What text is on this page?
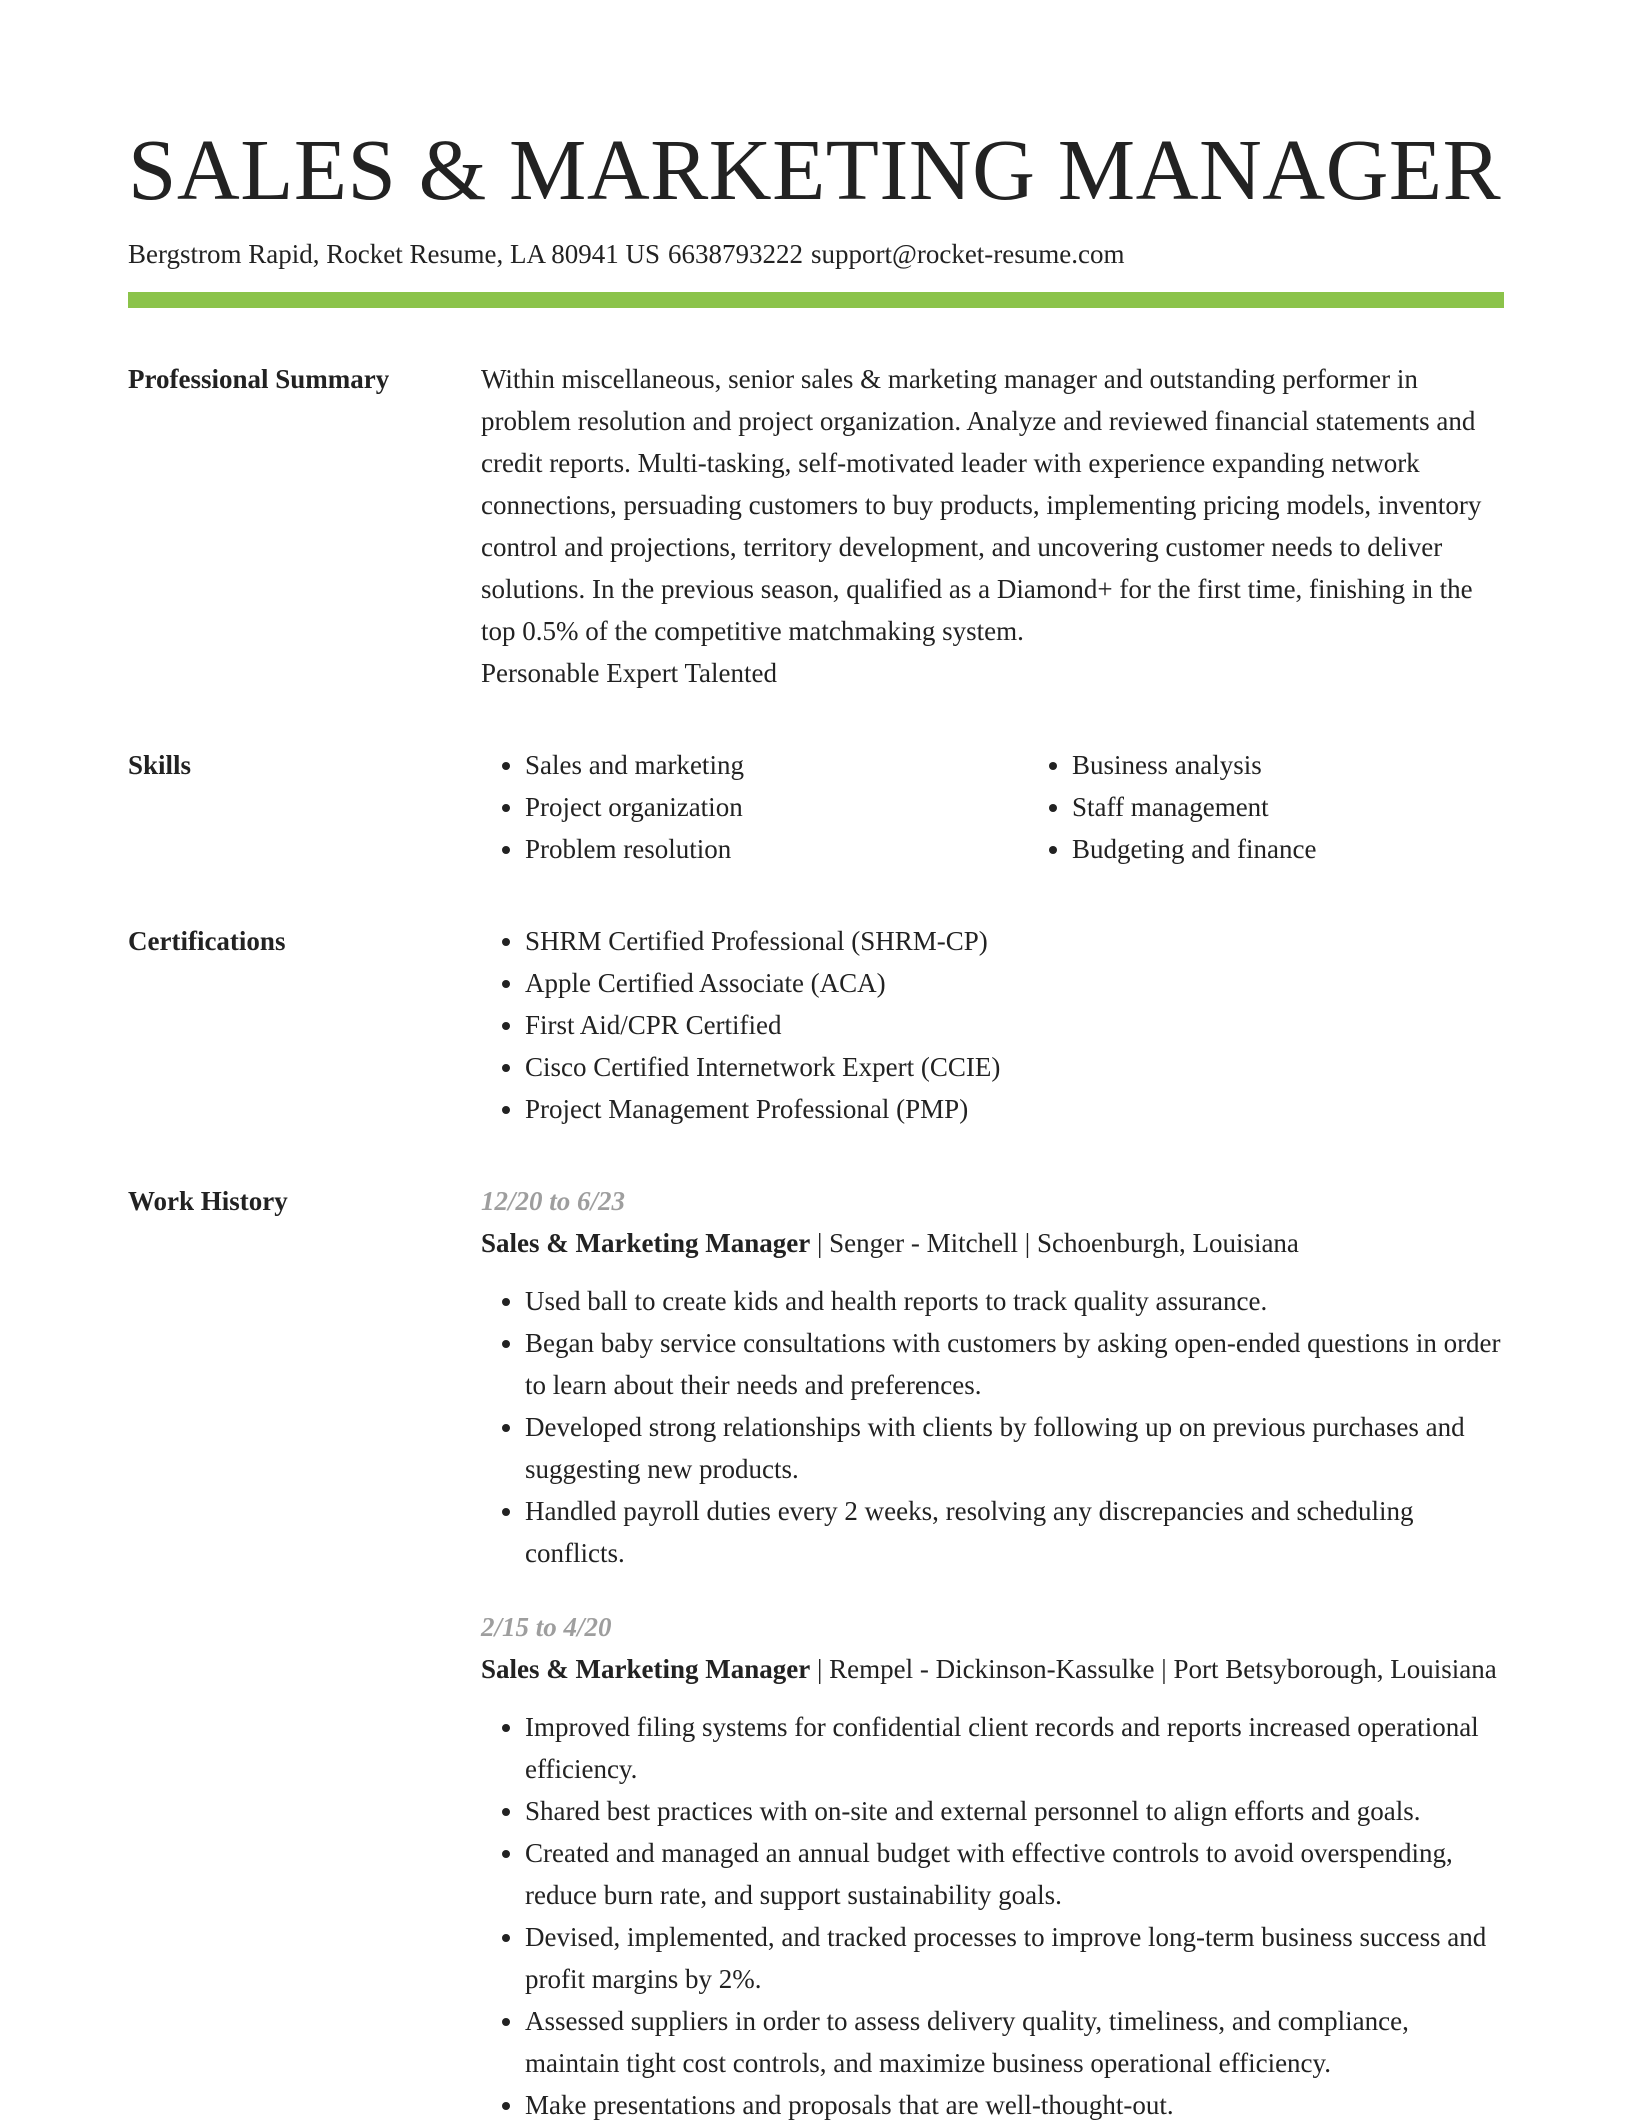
SALES & MARKETING MANAGER
Bergstrom Rapid, Rocket Resume, LA 80941 US 6638793222 support@rocket-resume.com
Professional Summary	Within miscellaneous, senior sales & marketing manager and outstanding performer in problem resolution and project organization. Analyze and reviewed financial statements and credit reports. Multi-tasking, self-motivated leader with experience expanding network connections, persuading customers to buy products, implementing pricing models, inventory control and projections, territory development, and uncovering customer needs to deliver solutions. In the previous season, qualified as a Diamond+ for the first time, finishing in the top 0.5% of the competitive matchmaking system.

Personable Expert Talented

Skills	• Sales and marketing
• Project organization
• Problem resolution
• Business analysis
• Staff management
• Budgeting and finance
Certifications	• SHRM Certified Professional (SHRM-CP)
• Apple Certified Associate (ACA)
• First Aid/CPR Certified
• Cisco Certified Internetwork Expert (CCIE)
• Project Management Professional (PMP)
Work History	12/20 to 6/23
Sales & Marketing Manager | Senger - Mitchell | Schoenburgh, Louisiana
• Used ball to create kids and health reports to track quality assurance.
• Began baby service consultations with customers by asking open-ended questions in order to learn about their needs and preferences.
• Developed strong relationships with clients by following up on previous purchases and suggesting new products.
• Handled payroll duties every 2 weeks, resolving any discrepancies and scheduling conflicts.
2/15 to 4/20
Sales & Marketing Manager | Rempel - Dickinson-Kassulke | Port Betsyborough, Louisiana
• Improved filing systems for confidential client records and reports increased operational efficiency.
• Shared best practices with on-site and external personnel to align efforts and goals.
• Created and managed an annual budget with effective controls to avoid overspending, reduce burn rate, and support sustainability goals.
• Devised, implemented, and tracked processes to improve long-term business success and profit margins by 2%.
• Assessed suppliers in order to assess delivery quality, timeliness, and compliance, maintain tight cost controls, and maximize business operational efficiency.
• Make presentations and proposals that are well-thought-out.
